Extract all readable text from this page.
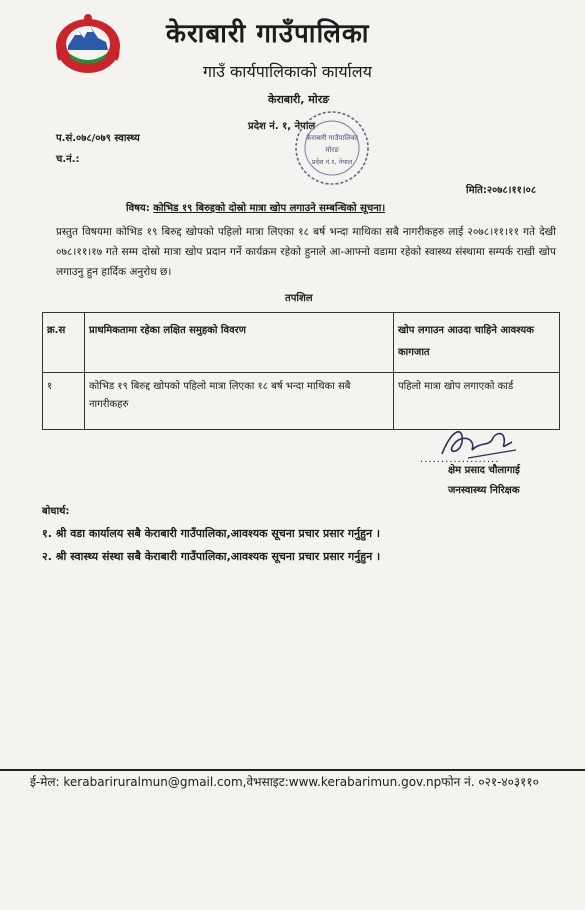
केराबारी गाउँपालिका
गाउँ कार्यपालिकाको कार्यालय
केराबारी, मोरङ
प्रदेश नं. १, नेपाल
प.सं.०७८/०७९ स्वास्थ्य
च.नं.:
केराबारी गाउँपालिका
मोरङ
प्रदेश नं.१, नेपाल
मिति:२०७८।११।०८
विषय: कोभिड १९ बिरुद्दको दोस्रो मात्रा खोप लगाउने सम्बन्धिको सूचना।
प्रस्तुत विषयमा कोभिड १९ बिरुद्द खोपको पहिलो मात्रा लिएका १८ बर्ष भन्दा माथिका सबै नागरीकहरु लाई २०७८।११।११ गते देखी ०७८।११।१७ गते सम्म दोस्रो मात्रा खोप प्रदान गर्ने कार्यक्रम रहेको हुनाले आ-आफ्नो वडामा रहेको स्वास्थ्य संस्थामा सम्पर्क राखी खोप लगाउनु हुन हार्दिक अनुरोध छ।
तपशिल
क्र.स	प्राथमिकतामा रहेका लक्षित समुहको विवरण	खोप लगाउन आउदा चाहिने आवश्यक कागजात
१	कोभिड १९ बिरुद्द खोपको पहिलो मात्रा लिएका १८ बर्ष भन्दा माथिका सबै नागरीकहरु	पहिलो मात्रा खोप लगाएको कार्ड
...................
क्षेम प्रसाद चौलागाई
जनस्वास्थ्य निरिक्षक
बोधार्थ:
१. श्री वडा कार्यालय सबै केराबारी गाउँपालिका,आवश्यक सूचना प्रचार प्रसार गर्नुहुन ।
२. श्री स्वास्थ्य संस्था सबै केराबारी गाउँपालिका,आवश्यक सूचना प्रचार प्रसार गर्नुहुन ।
ई-मेल: kerabariruralmun@gmail.com,वेभसाइट:www.kerabarimun.gov.npफोन नं. ०२१-४०३११०
